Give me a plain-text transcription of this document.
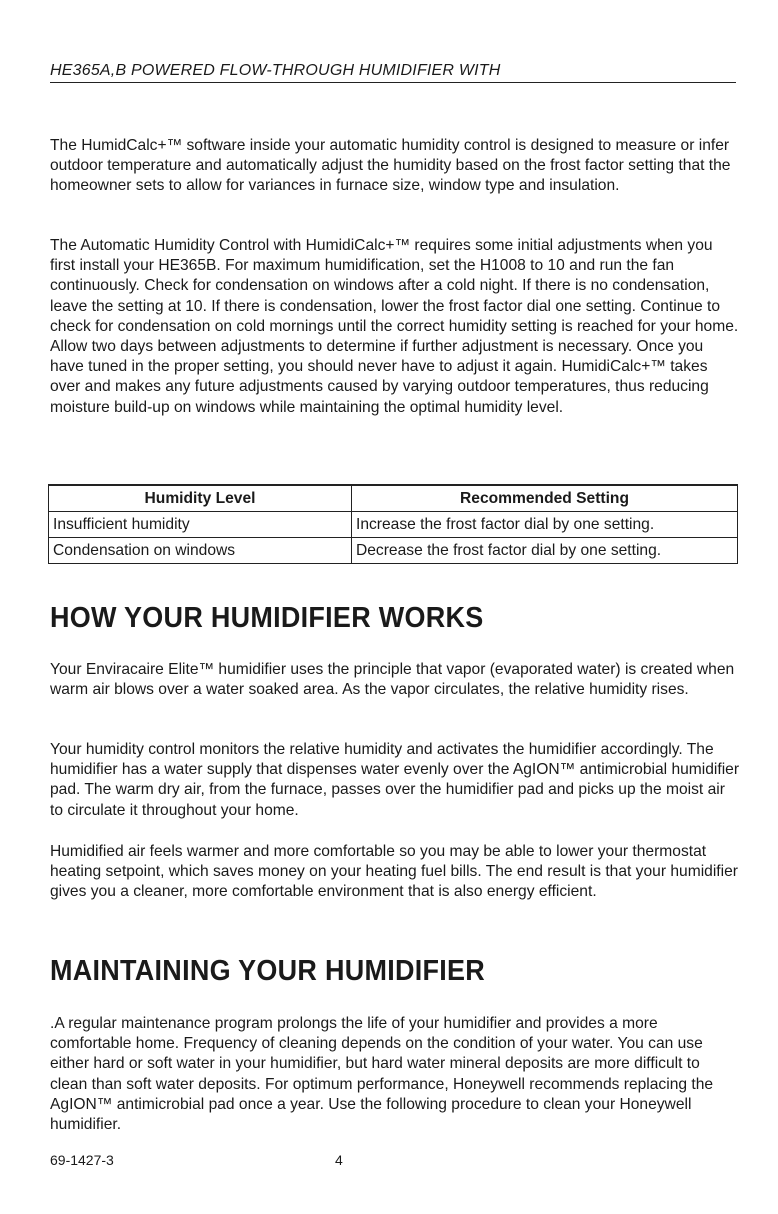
HE365A,B POWERED FLOW-THROUGH HUMIDIFIER WITH

The HumidCalc+™ software inside your automatic humidity control is designed to measure or infer outdoor temperature and automatically adjust the humidity based on the frost factor setting that the homeowner sets to allow for variances in furnace size, window type and insulation.

The Automatic Humidity Control with HumidiCalc+™ requires some initial adjustments when you first install your HE365B. For maximum humidification, set the H1008 to 10 and run the fan continuously. Check for condensation on windows after a cold night. If there is no condensation, leave the setting at 10. If there is condensation, lower the frost factor dial one setting. Continue to check for condensation on cold mornings until the correct humidity setting is reached for your home. Allow two days between adjustments to determine if further adjustment is necessary. Once you have tuned in the proper setting, you should never have to adjust it again. HumidiCalc+™ takes over and makes any future adjustments caused by varying outdoor temperatures, thus reducing moisture build-up on windows while maintaining the optimal humidity level.

Humidity Level	Recommended Setting
Insufficient humidity	Increase the frost factor dial by one setting.
Condensation on windows	Decrease the frost factor dial by one setting.
HOW YOUR HUMIDIFIER WORKS

Your Enviracaire Elite™ humidifier uses the principle that vapor (evaporated water) is created when warm air blows over a water soaked area. As the vapor circulates, the relative humidity rises.

Your humidity control monitors the relative humidity and activates the humidifier accordingly. The humidifier has a water supply that dispenses water evenly over the AgION™ antimicrobial humidifier pad. The warm dry air, from the furnace, passes over the humidifier pad and picks up the moist air to circulate it throughout your home.

Humidified air feels warmer and more comfortable so you may be able to lower your thermostat heating setpoint, which saves money on your heating fuel bills. The end result is that your humidifier gives you a cleaner, more comfortable environment that is also energy efficient.

MAINTAINING YOUR HUMIDIFIER

.A regular maintenance program prolongs the life of your humidifier and provides a more comfortable home. Frequency of cleaning depends on the condition of your water. You can use either hard or soft water in your humidifier, but hard water mineral deposits are more difficult to clean than soft water deposits. For optimum performance, Honeywell recommends replacing the AgION™ antimicrobial pad once a year. Use the following procedure to clean your Honeywell humidifier.

69-1427-3	4
